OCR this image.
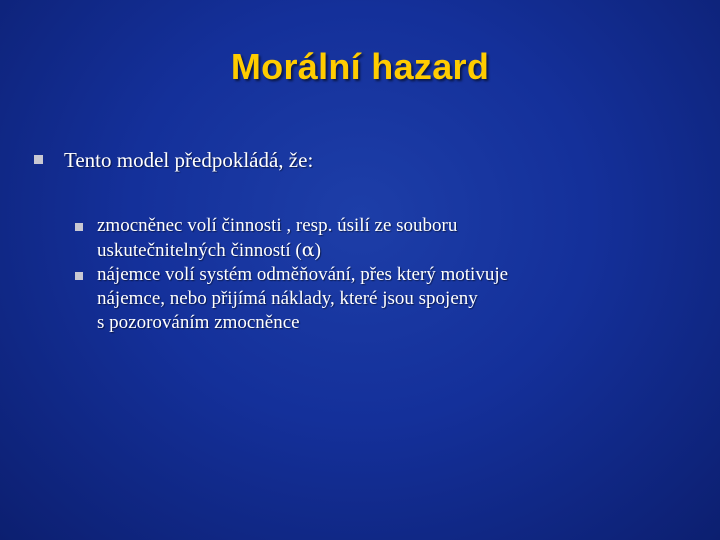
Morální hazard
Tento model předpokládá, že:
zmocněnec volí činnosti , resp. úsilí ze souboru
uskutečnitelných činností (α)
nájemce volí systém odměňování, přes který motivuje
nájemce, nebo přijímá náklady, které jsou spojeny
s pozorováním zmocněnce
